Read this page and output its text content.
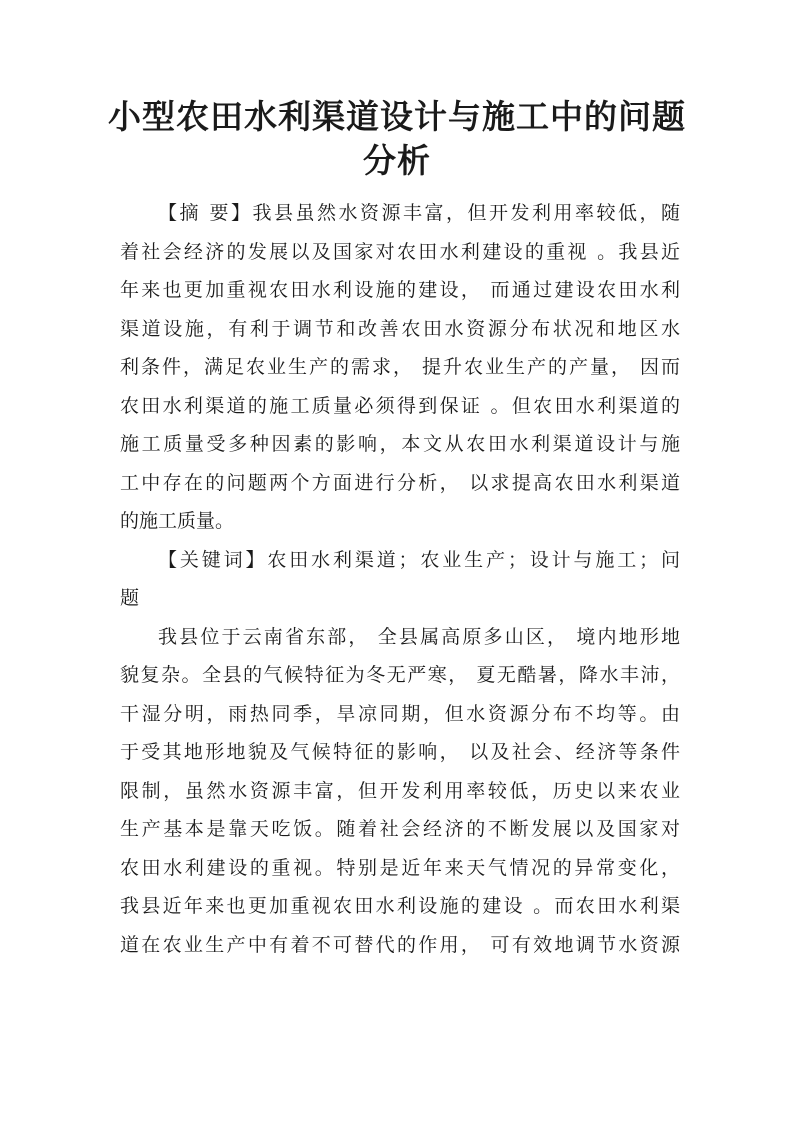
小型农田水利渠道设计与施工中的问题
分析
【摘 要】我县虽然水资源丰富，但开发利用率较低，随
着社会经济的发展以及国家对农田水利建设的重视 。我县近
年来也更加重视农田水利设施的建设， 而通过建设农田水利
渠道设施，有利于调节和改善农田水资源分布状况和地区水
利条件，满足农业生产的需求， 提升农业生产的产量， 因而
农田水利渠道的施工质量必须得到保证 。但农田水利渠道的
施工质量受多种因素的影响，本文从农田水利渠道设计与施
工中存在的问题两个方面进行分析， 以求提高农田水利渠道
的施工质量。
【关键词】农田水利渠道；农业生产；设计与施工；问
题
我县位于云南省东部， 全县属高原多山区， 境内地形地
貌复杂。全县的气候特征为冬无严寒， 夏无酷暑，降水丰沛，
干湿分明，雨热同季，旱凉同期，但水资源分布不均等。由
于受其地形地貌及气候特征的影响， 以及社会、经济等条件
限制，虽然水资源丰富，但开发利用率较低，历史以来农业
生产基本是靠天吃饭。随着社会经济的不断发展以及国家对
农田水利建设的重视。特别是近年来天气情况的异常变化，
我县近年来也更加重视农田水利设施的建设 。而农田水利渠
道在农业生产中有着不可替代的作用， 可有效地调节水资源
